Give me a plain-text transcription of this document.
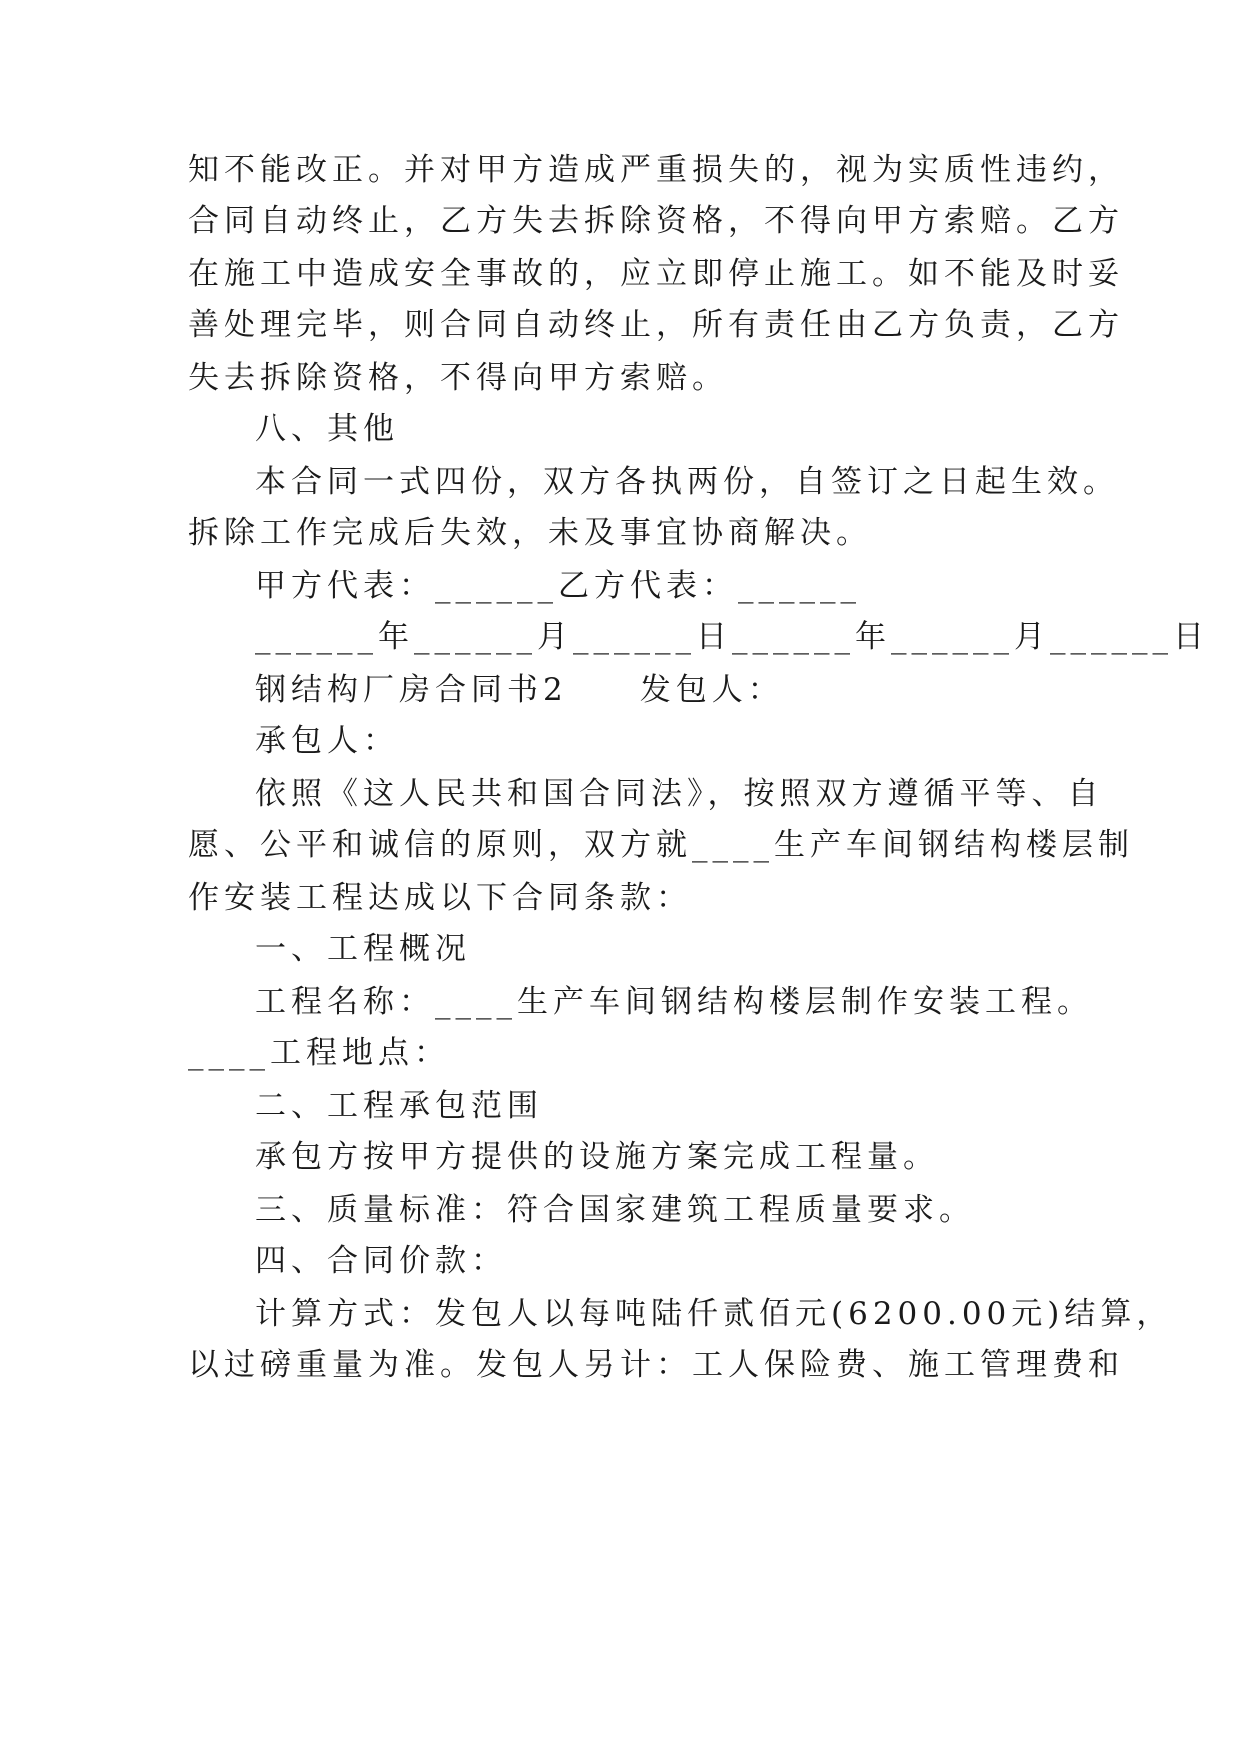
知不能改正。并对甲方造成严重损失的，视为实质性违约，
合同自动终止，乙方失去拆除资格，不得向甲方索赔。乙方
在施工中造成安全事故的，应立即停止施工。如不能及时妥
善处理完毕，则合同自动终止，所有责任由乙方负责，乙方
失去拆除资格，不得向甲方索赔。
八、其他
本合同一式四份，双方各执两份，自签订之日起生效。
拆除工作完成后失效，未及事宜协商解决。
甲方代表：______乙方代表：______
______年______月______日______年______月______日
钢结构厂房合同书2　　发包人：
承包人：
依照《这人民共和国合同法》，按照双方遵循平等、自
愿、公平和诚信的原则，双方就____生产车间钢结构楼层制
作安装工程达成以下合同条款：
一、工程概况
工程名称：____生产车间钢结构楼层制作安装工程。
____工程地点：
二、工程承包范围
承包方按甲方提供的设施方案完成工程量。
三、质量标准：符合国家建筑工程质量要求。
四、合同价款：
计算方式：发包人以每吨陆仟贰佰元(6200.00元)结算，
以过磅重量为准。发包人另计：工人保险费、施工管理费和
